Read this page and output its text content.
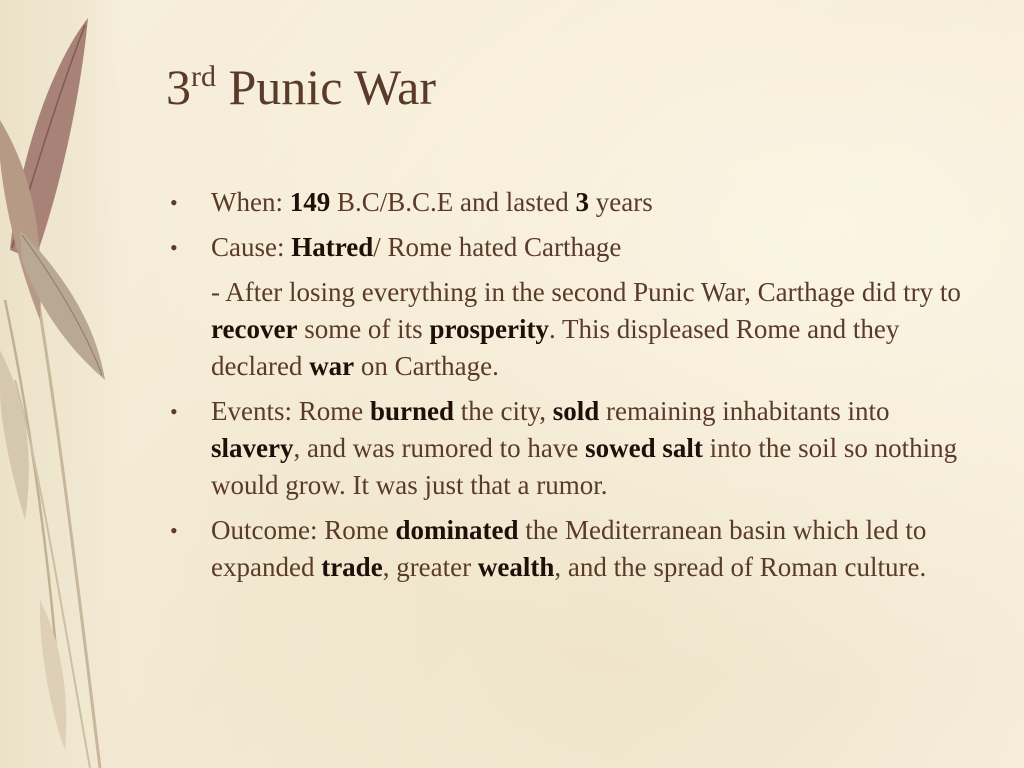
3rd Punic War
• When: 149 B.C/B.C.E and lasted 3 years
• Cause: Hatred/ Rome hated Carthage
- After losing everything in the second Punic War, Carthage did try to recover some of its prosperity. This displeased Rome and they declared war on Carthage.
• Events: Rome burned the city, sold remaining inhabitants into slavery, and was rumored to have sowed salt into the soil so nothing would grow. It was just that a rumor.
• Outcome: Rome dominated the Mediterranean basin which led to expanded trade, greater wealth, and the spread of Roman culture.
